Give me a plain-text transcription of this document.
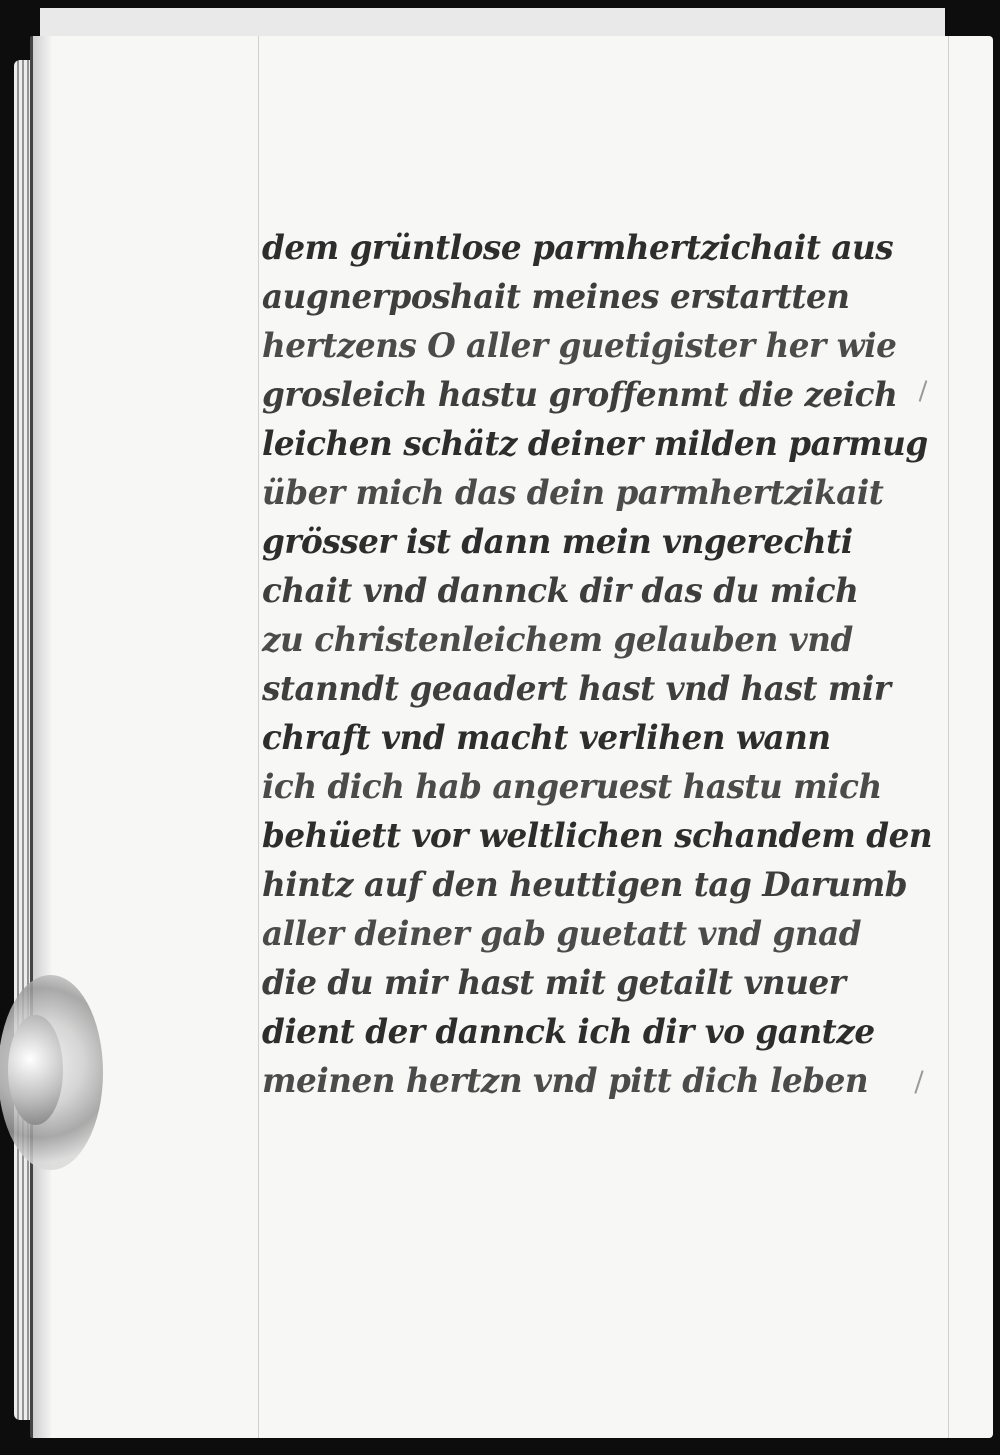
dem grüntlose parmhertzichait aus
augnerposhait meines erstartten
hertzens O aller guetigister her wie
grosleich hastu groffenmt die zeich
leichen schätz deiner milden parmug
über mich das dein parmhertzikait
grösser ist dann mein vngerechti
chait vnd dannck dir das du mich
zu christenleichem gelauben vnd
stanndt geaadert hast vnd hast mir
chraft vnd macht verlihen wann
ich dich hab angeruest hastu mich
behüett vor weltlichen schandem den
hintz auf den heuttigen tag Darumb
aller deiner gab guetatt vnd gnad
die du mir hast mit getailt vnuer
dient der dannck ich dir vo gantze
meinen hertzn vnd pitt dich leben
